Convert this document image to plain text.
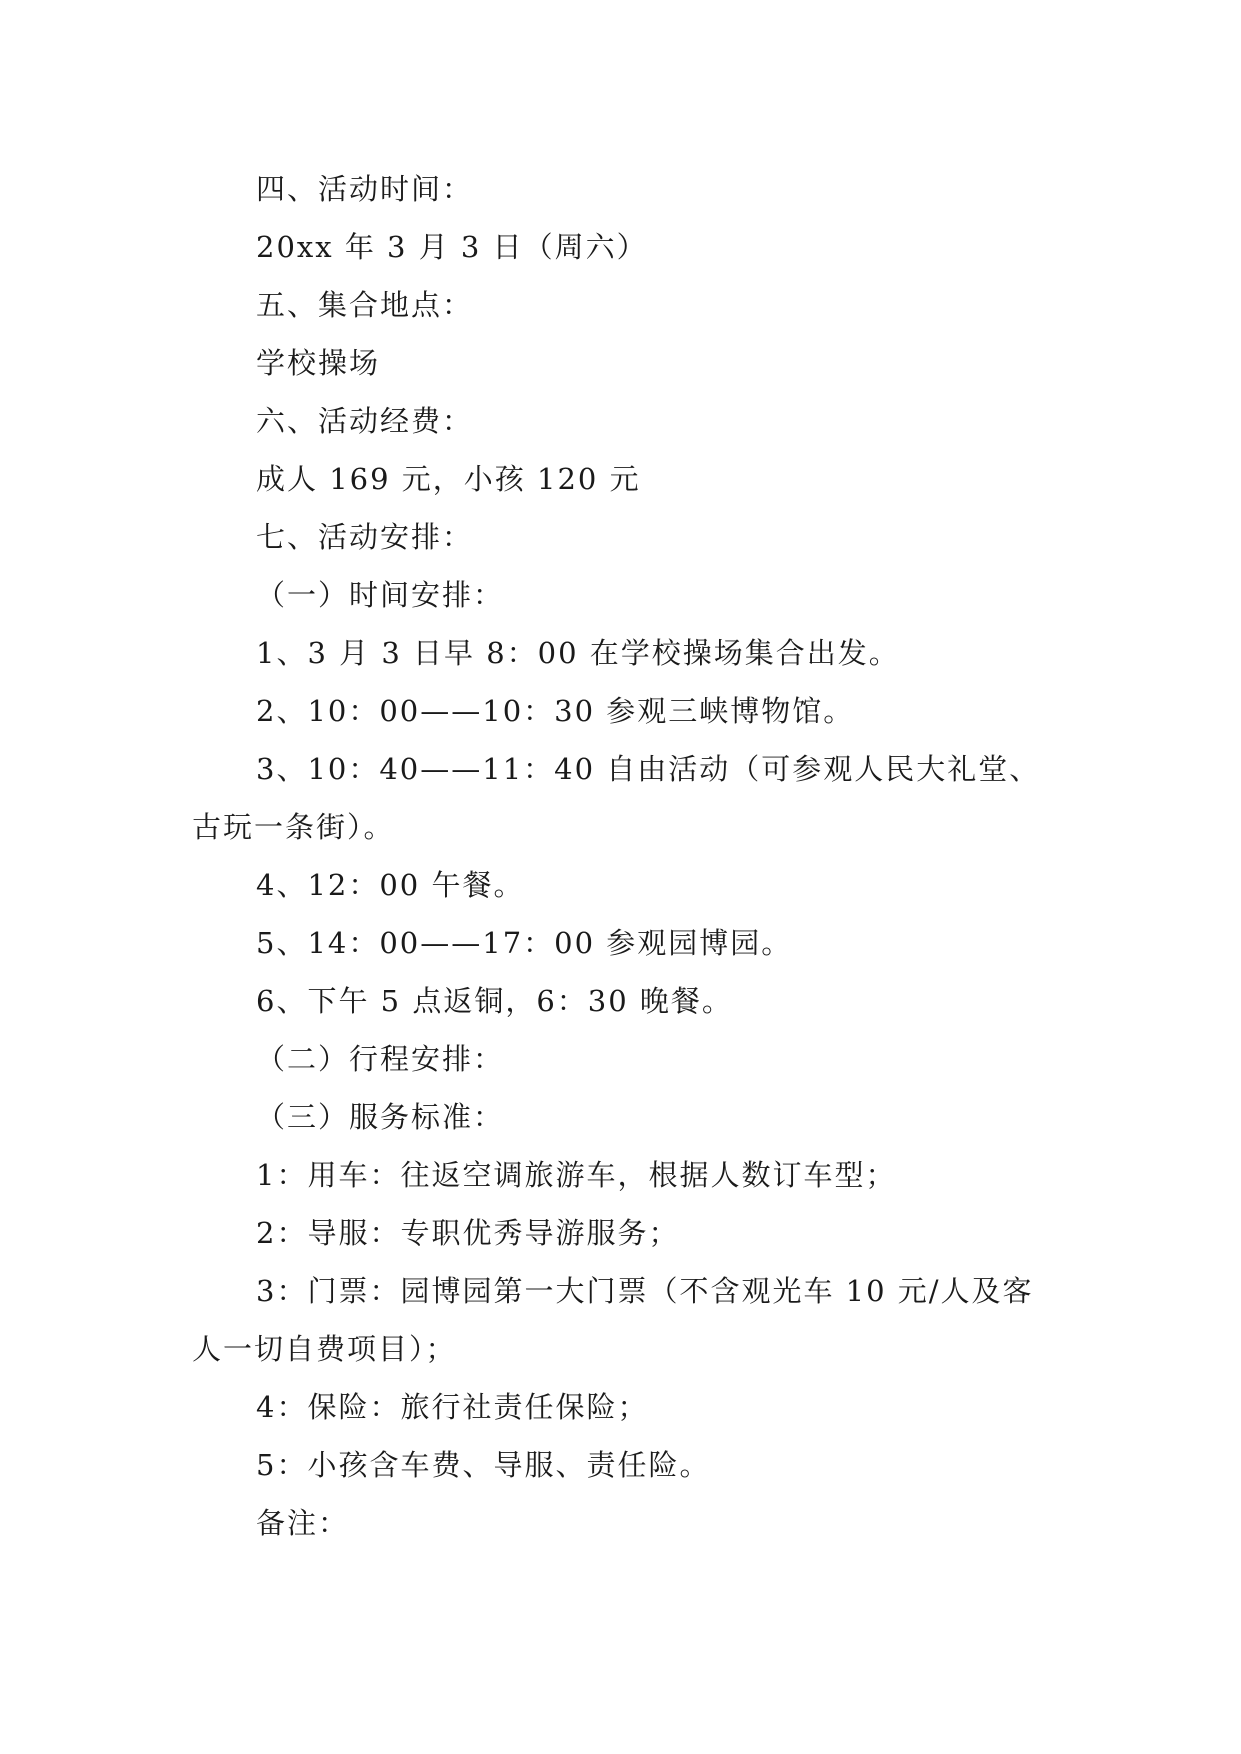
四、活动时间：

20xx 年 3 月 3 日（周六）

五、集合地点：

学校操场

六、活动经费：

成人 169 元，小孩 120 元

七、活动安排：

（一）时间安排：

1、3 月 3 日早 8：00 在学校操场集合出发。

2、10：00——10：30 参观三峡博物馆。

3、10：40——11：40 自由活动（可参观人民大礼堂、古玩一条街）。

4、12：00 午餐。

5、14：00——17：00 参观园博园。

6、下午 5 点返铜，6：30 晚餐。

（二）行程安排：

（三）服务标准：

1：用车：往返空调旅游车，根据人数订车型；

2：导服：专职优秀导游服务；

3：门票：园博园第一大门票（不含观光车 10 元/人及客人一切自费项目）；

4：保险：旅行社责任保险；

5：小孩含车费、导服、责任险。

备注：
